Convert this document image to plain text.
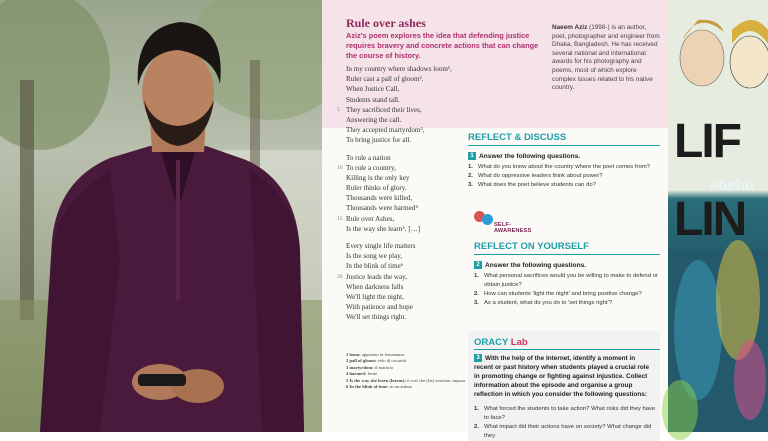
Rule over ashes
Aziz's poem explores the idea that defending justice requires bravery and concrete actions that can change the course of history.
In my country where shadows loom¹,
Ruler cast a pall of gloom².
When Justice Call,
Students stand tall.
They sacrificed their lives,
5
Answering the call.
They accepted martyrdom³,
To bring justice for all.
To rule a nation
To rule a country,
10
Killing is the only key
Ruler thinks of glory.
Thousands were killed,
Thousands were harmed⁴
Rule over Ashes,
15
Is the way she learn⁵. […]
Every single life matters
Is the song we play,
In the blink of time⁶
Justice leads the way,
20
When darkness falls
We'll light the night,
With patience and hope
We'll set things right.
1 loom: appaiono in lontananza
2 pall of gloom: velo di oscurità
3 martyrdom: il martirio
4 harmed: ferite
5 Is the way she learn (learns): è così che (lei) sostiene; impara
6 In the blink of time: in un attimo
Naeem Aziz (1998-) is an author, poet, photographer and engineer from Dhaka, Bangladesh. He has received several national and international awards for his photography and poems, most of which explore complex issues related to his native country.
REFLECT & DISCUSS
1 Answer the following questions.
1. What do you know about the country where the poet comes from?
2. What do oppressive leaders think about power?
3. What does the poet believe students can do?
SELF-AWARENESS
REFLECT ON YOURSELF
2 Answer the following questions.
1. What personal sacrifices would you be willing to make to defend or obtain justice?
2. How can students 'light the night' and bring positive change?
3. As a student, what do you do to 'set things right'?
ORACY Lab
3 With the help of the Internet, identify a moment in recent or past history when students played a crucial role in promoting change or fighting against injustice. Collect information about the episode and organise a group reflection in which you consider the following questions:
1. What forced the students to take action? What risks did they have to face?
2. What impact did their actions have on society? What change did they
LIF
#behu
LIN
